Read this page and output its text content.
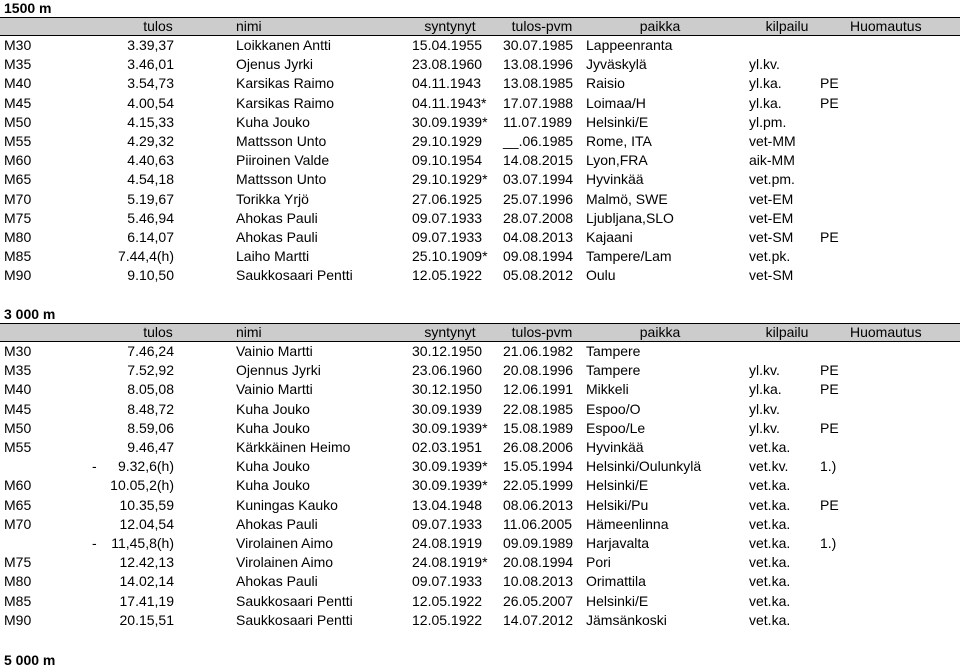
1500 m
tulos	nimi	syntynyt	tulos-pvm	paikka	kilpailu	Huomautus
M30	3.39,37	Loikkanen Antti	15.04.1955 30.07.1985 Lappeenranta
M35	3.46,01	Ojenus Jyrki	23.08.1960 13.08.1996 Jyväskylä	yl.kv.
M40	3.54,73	Karsikas Raimo	04.11.1943 13.08.1985 Raisio	yl.ka.	PE
M45	4.00,54	Karsikas Raimo	04.11.1943* 17.07.1988 Loimaa/H	yl.ka.	PE
M50	4.15,33	Kuha Jouko	30.09.1939* 11.07.1989 Helsinki/E	yl.pm.
M55	4.29,32	Mattsson Unto	29.10.1929 __.06.1985 Rome, ITA	vet-MM
M60	4.40,63	Piiroinen Valde	09.10.1954 14.08.2015 Lyon,FRA	aik-MM
M65	4.54,18	Mattsson Unto	29.10.1929* 03.07.1994 Hyvinkää	vet.pm.
M70	5.19,67	Torikka Yrjö	27.06.1925 25.07.1996 Malmö, SWE	vet-EM
M75	5.46,94	Ahokas Pauli	09.07.1933 28.07.2008 Ljubljana,SLO	vet-EM
M80	6.14,07	Ahokas Pauli	09.07.1933 04.08.2013 Kajaani	vet-SM PE
M85	7.44,4(h)	Laiho Martti	25.10.1909* 09.08.1994 Tampere/Lam	vet.pk.
M90	9.10,50	Saukkosaari Pentti	12.05.1922 05.08.2012 Oulu	vet-SM
3 000 m
tulos	nimi	syntynyt	tulos-pvm	paikka	kilpailu	Huomautus
M30	7.46,24	Vainio Martti	30.12.1950 21.06.1982 Tampere
M35	7.52,92	Ojennus Jyrki	23.06.1960 20.08.1996 Tampere	yl.kv.	PE
M40	8.05,08	Vainio Martti	30.12.1950 12.06.1991 Mikkeli	yl.ka.	PE
M45	8.48,72	Kuha Jouko	30.09.1939 22.08.1985 Espoo/O	yl.kv.
M50	8.59,06	Kuha Jouko	30.09.1939* 15.08.1989 Espoo/Le	yl.kv.	PE
M55	9.46,47	Kärkkäinen Heimo	02.03.1951 26.08.2006 Hyvinkää	vet.ka.
-	9.32,6(h)	Kuha Jouko	30.09.1939* 15.05.1994 Helsinki/Oulunkylä	vet.kv. 1.)
M60	10.05,2(h)	Kuha Jouko	30.09.1939* 22.05.1999 Helsinki/E	vet.ka.
M65	10.35,59	Kuningas Kauko	13.04.1948 08.06.2013 Helsiki/Pu	vet.ka. PE
M70	12.04,54	Ahokas Pauli	09.07.1933 11.06.2005 Hämeenlinna	vet.ka.
-	11,45,8(h)	Virolainen Aimo	24.08.1919 09.09.1989 Harjavalta	vet.ka. 1.)
M75	12.42,13	Virolainen Aimo	24.08.1919* 20.08.1994 Pori	vet.ka.
M80	14.02,14	Ahokas Pauli	09.07.1933 10.08.2013 Orimattila	vet.ka.
M85	17.41,19	Saukkosaari Pentti	12.05.1922 26.05.2007 Helsinki/E	vet.ka.
M90	20.15,51	Saukkosaari Pentti	12.05.1922 14.07.2012 Jämsänkoski	vet.ka.
5 000 m
